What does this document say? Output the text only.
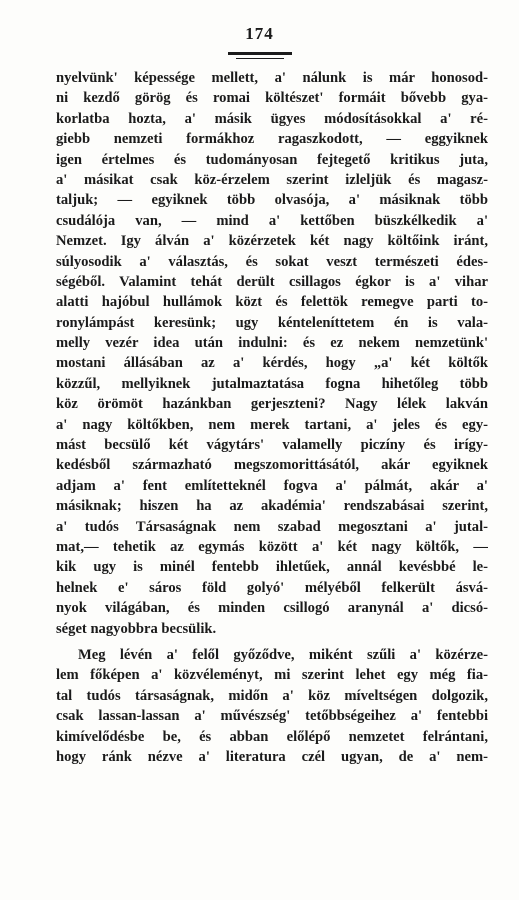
174
nyelvünk' képessége mellett, a' nálunk is már honosod-
ni kezdő görög és romai költészet' formáit bővebb gya-
korlatba hozta, a' másik ügyes módosításokkal a' ré-
giebb nemzeti formákhoz ragaszkodott, — eggyiknek
igen értelmes és tudományosan fejtegető kritikus juta,
a' másikat csak köz-érzelem szerint izleljük és magasz-
taljuk; — egyiknek több olvasója, a' másiknak több
csudálója van, — mind a' kettőben büszkélkedik a'
Nemzet. Igy álván a' közérzetek két nagy költőink iránt,
súlyosodik a' választás, és sokat veszt természeti édes-
ségéből. Valamint tehát derült csillagos égkor is a' vihar
alatti hajóbul hullámok közt és felettök remegve parti to-
ronylámpást keresünk; ugy kénteleníttetem én is vala-
melly vezér idea után indulni: és ez nekem nemzetünk'
mostani állásában az a' kérdés, hogy „a' két költők
közzűl, mellyiknek jutalmaztatása fogna hihetőleg több
köz örömöt hazánkban gerjeszteni? Nagy lélek lakván
a' nagy költőkben, nem merek tartani, a' jeles és egy-
mást becsülő két vágytárs' valamelly piczíny és irígy-
kedésből származható megszomorittásától, akár egyiknek
adjam a' fent említetteknél fogva a' pálmát, akár a'
másiknak; hiszen ha az akadémia' rendszabásai szerint,
a' tudós Társaságnak nem szabad megosztani a' jutal-
mat,— tehetik az egymás között a' két nagy költők, —
kik ugy is minél fentebb ihletűek, annál kevésbbé le-
helnek e' sáros föld golyó' mélyéből felkerült ásvá-
nyok világában, és minden csillogó aranynál a' dicsó-
séget nagyobbra becsülik.
Meg lévén a' felől győződve, miként szűli a' közérze-
lem főképen a' közvéleményt, mi szerint lehet egy még fia-
tal tudós társaságnak, midőn a' köz míveltségen dolgozik,
csak lassan-lassan a' művészség' tetőbbségeihez a' fentebbi
kimívelődésbe be, és abban előlépő nemzetet felrántani,
hogy ránk nézve a' literatura czél ugyan, de a' nem-
